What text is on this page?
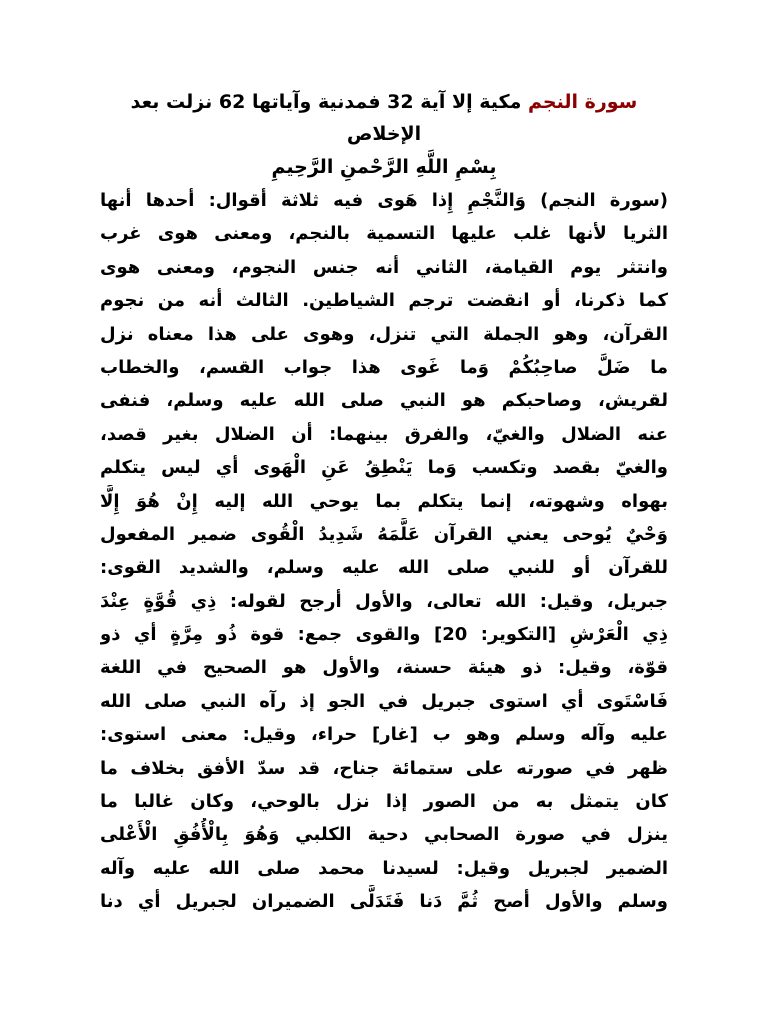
سورة النجم مكية إلا آية 32 فمدنية وآياتها 62 نزلت بعد
الإخلاص
بِسْمِ اللَّهِ الرَّحْمنِ الرَّحِيمِ
(سورة النجم) وَالنَّجْمِ إِذا هَوى فيه ثلاثة أقوال: أحدها أنها
الثريا لأنها غلب عليها التسمية بالنجم، ومعنى هوى غرب
وانتثر يوم القيامة، الثاني أنه جنس النجوم، ومعنى هوى
كما ذكرنا، أو انقضت ترجم الشياطين. الثالث أنه من نجوم
القرآن، وهو الجملة التي تنزل، وهوى على هذا معناه نزل
ما ضَلَّ صاحِبُكُمْ وَما غَوى هذا جواب القسم، والخطاب
لقريش، وصاحبكم هو النبي صلى الله عليه وسلم، فنفى
عنه الضلال والغيّ، والفرق بينهما: أن الضلال بغير قصد،
والغيّ بقصد وتكسب وَما يَنْطِقُ عَنِ الْهَوى أي ليس يتكلم
بهواه وشهوته، إنما يتكلم بما يوحي الله إليه إِنْ هُوَ إِلَّا
وَحْيٌ يُوحى يعني القرآن عَلَّمَهُ شَدِيدُ الْقُوى ضمير المفعول
للقرآن أو للنبي صلى الله عليه وسلم، والشديد القوى:
جبريل، وقيل: الله تعالى، والأول أرجح لقوله: ذِي قُوَّةٍ عِنْدَ
ذِي الْعَرْشِ [التكوير: 20] والقوى جمع: قوة ذُو مِرَّةٍ أي ذو
قوّة، وقيل: ذو هيئة حسنة، والأول هو الصحيح في اللغة
فَاسْتَوى أي استوى جبريل في الجو إذ رآه النبي صلى الله
عليه وآله وسلم وهو ب [غار] حراء، وقيل: معنى استوى:
ظهر في صورته على ستمائة جناح، قد سدّ الأفق بخلاف ما
كان يتمثل به من الصور إذا نزل بالوحي، وكان غالبا ما
ينزل في صورة الصحابي دحية الكلبي وَهُوَ بِالْأُفُقِ الْأَعْلى
الضمير لجبريل وقيل: لسيدنا محمد صلى الله عليه وآله
وسلم والأول أصح ثُمَّ دَنا فَتَدَلَّى الضميران لجبريل أي دنا
